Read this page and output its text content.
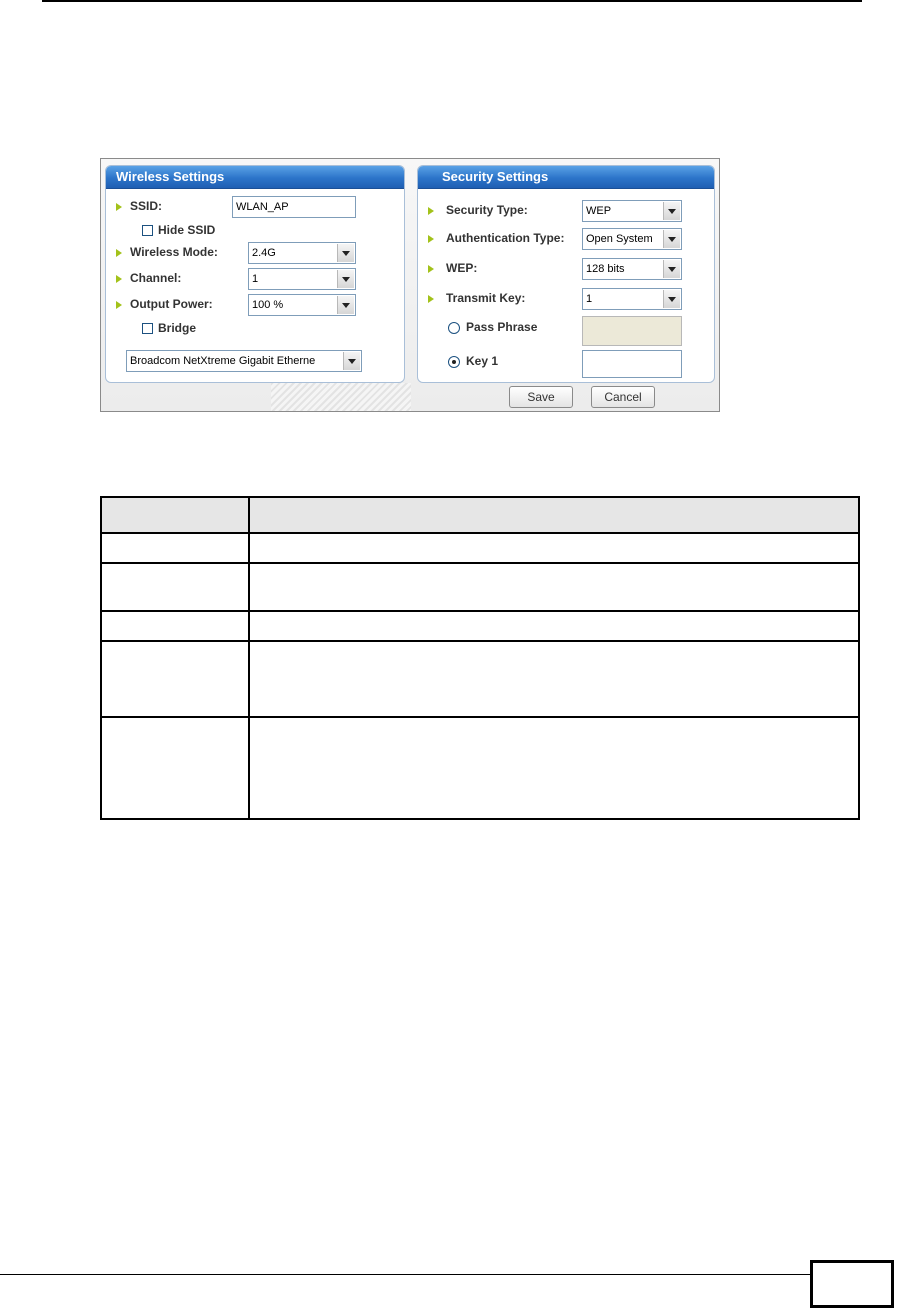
Wireless Settings
SSID:	WLAN_AP
Hide SSID
Wireless Mode:	2.4G
Channel:	1
Output Power:	100 %
Bridge
Broadcom NetXtreme Gigabit Etherne
Security Settings
Security Type:	WEP
Authentication Type: Open System
WEP:	128 bits
Transmit Key:	1
Pass Phrase
Key 1
Save	Cancel
